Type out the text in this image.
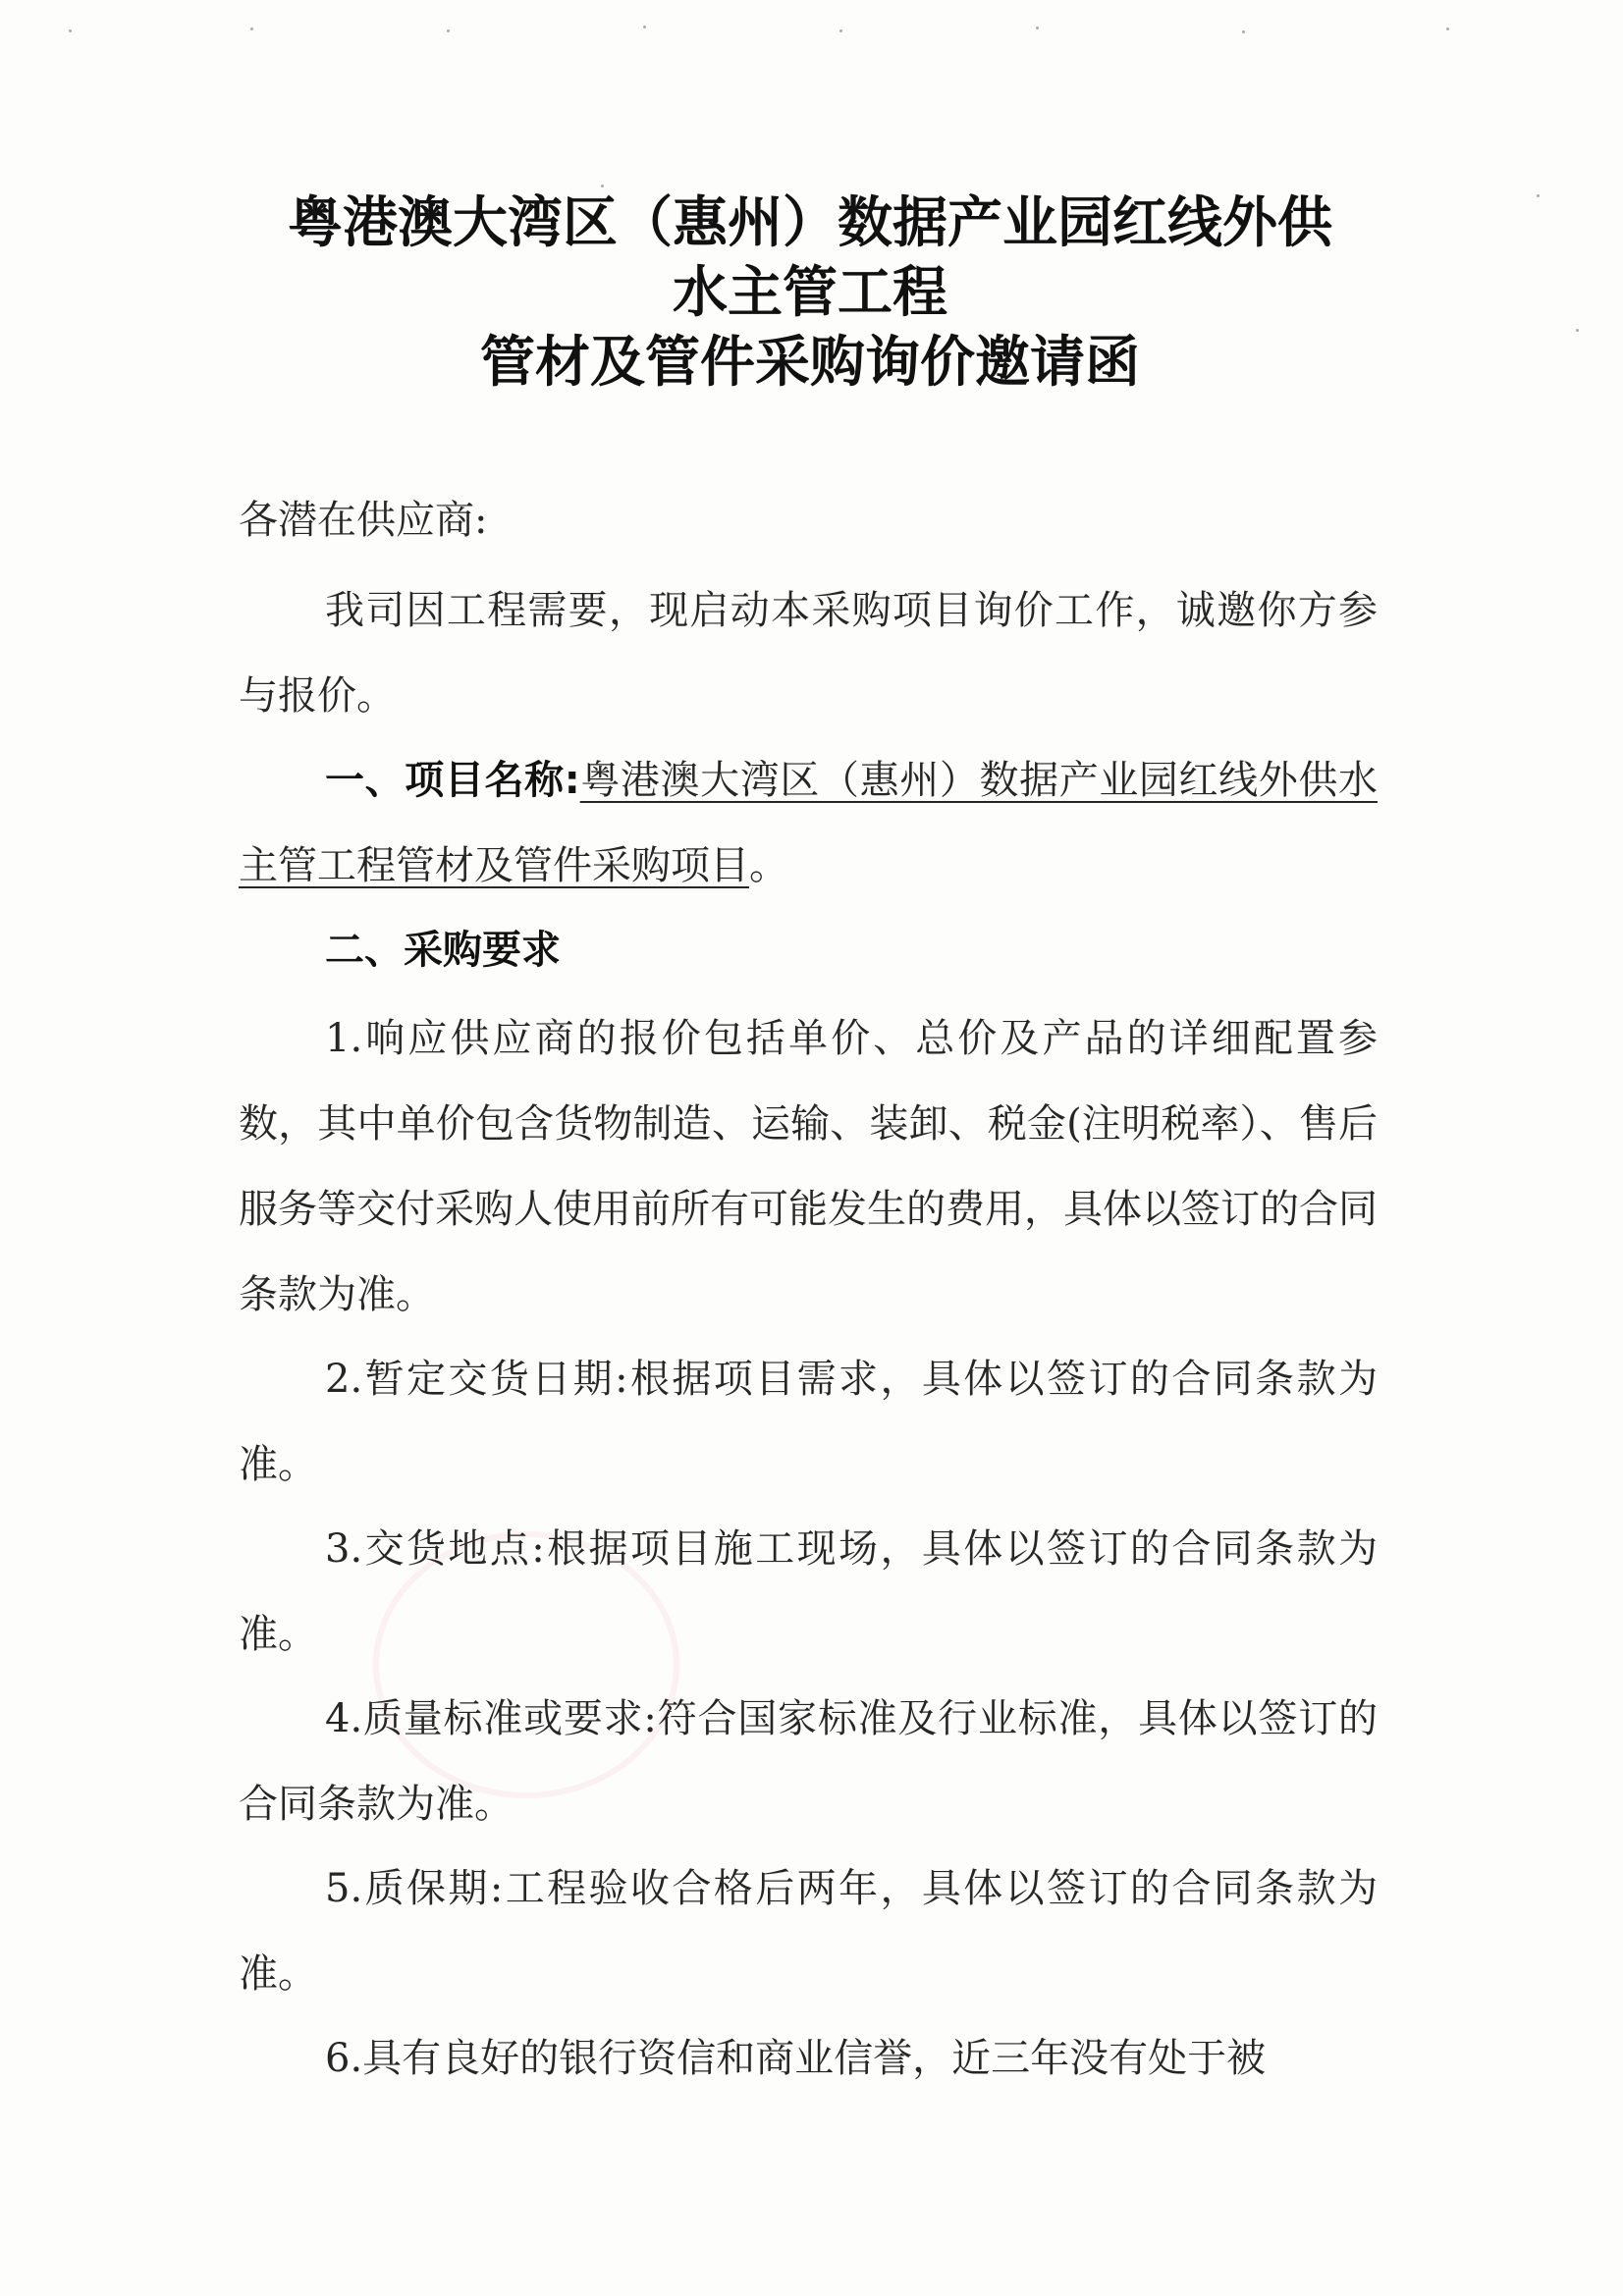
粤港澳大湾区（惠州）数据产业园红线外供
水主管工程
管材及管件采购询价邀请函

各潜在供应商:

我司因工程需要，现启动本采购项目询价工作，诚邀你方参与报价。

一、项目名称:粤港澳大湾区（惠州）数据产业园红线外供水主管工程管材及管件采购项目。

二、采购要求

1.响应供应商的报价包括单价、总价及产品的详细配置参数，其中单价包含货物制造、运输、装卸、税金(注明税率）、售后服务等交付采购人使用前所有可能发生的费用，具体以签订的合同条款为准。

2.暂定交货日期:根据项目需求，具体以签订的合同条款为准。

3.交货地点:根据项目施工现场，具体以签订的合同条款为准。

4.质量标准或要求:符合国家标准及行业标准，具体以签订的合同条款为准。

5.质保期:工程验收合格后两年，具体以签订的合同条款为准。

6.具有良好的银行资信和商业信誉，近三年没有处于被
